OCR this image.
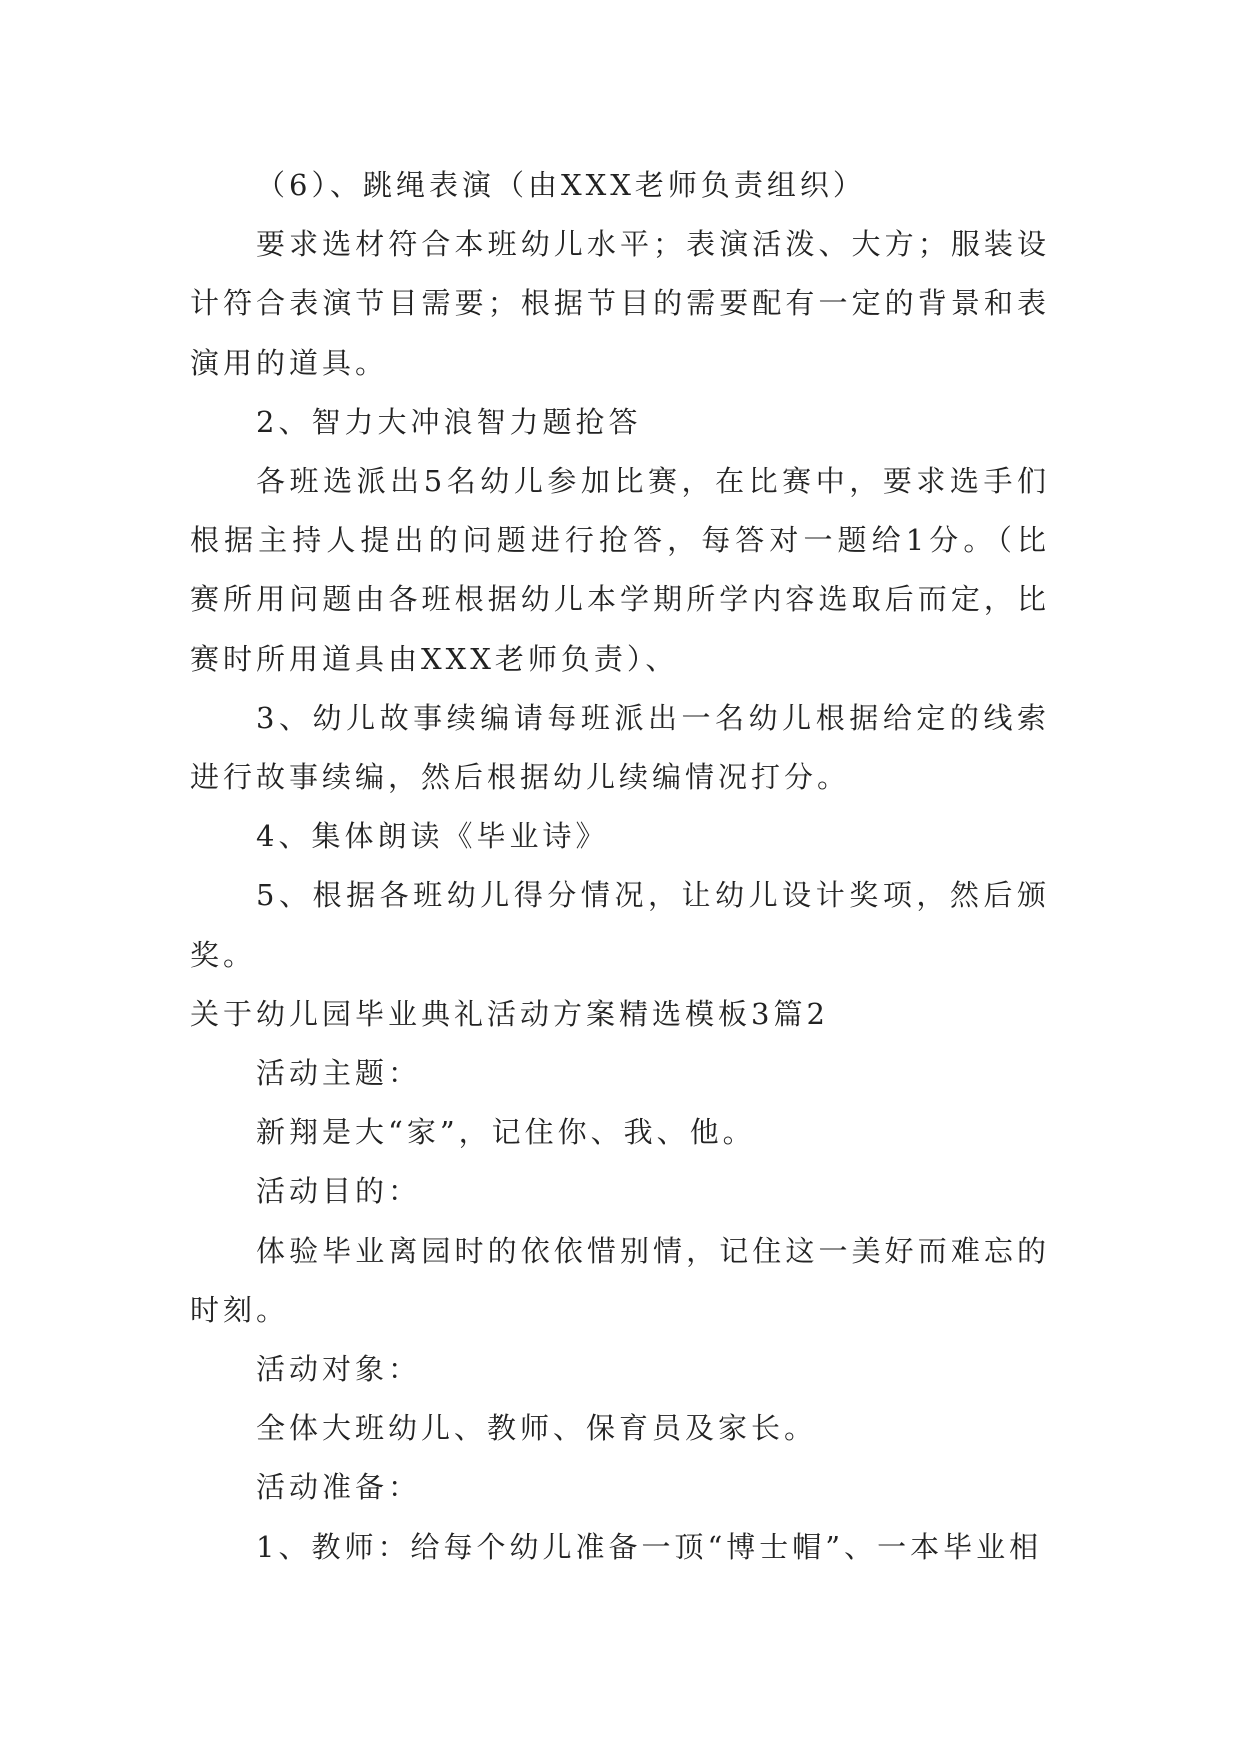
（6）、跳绳表演（由XXX老师负责组织）

要求选材符合本班幼儿水平；表演活泼、大方；服装设计符合表演节目需要；根据节目的需要配有一定的背景和表演用的道具。

2、智力大冲浪智力题抢答

各班选派出5名幼儿参加比赛，在比赛中，要求选手们根据主持人提出的问题进行抢答，每答对一题给1分。（比赛所用问题由各班根据幼儿本学期所学内容选取后而定，比赛时所用道具由XXX老师负责）、

3、幼儿故事续编请每班派出一名幼儿根据给定的线索进行故事续编，然后根据幼儿续编情况打分。

4、集体朗读《毕业诗》

5、根据各班幼儿得分情况，让幼儿设计奖项，然后颁奖。

关于幼儿园毕业典礼活动方案精选模板3篇2

活动主题：

新翔是大“家”，记住你、我、他。

活动目的：

体验毕业离园时的依依惜别情，记住这一美好而难忘的时刻。

活动对象：

全体大班幼儿、教师、保育员及家长。

活动准备：

1、教师：给每个幼儿准备一顶“博士帽”、一本毕业相
